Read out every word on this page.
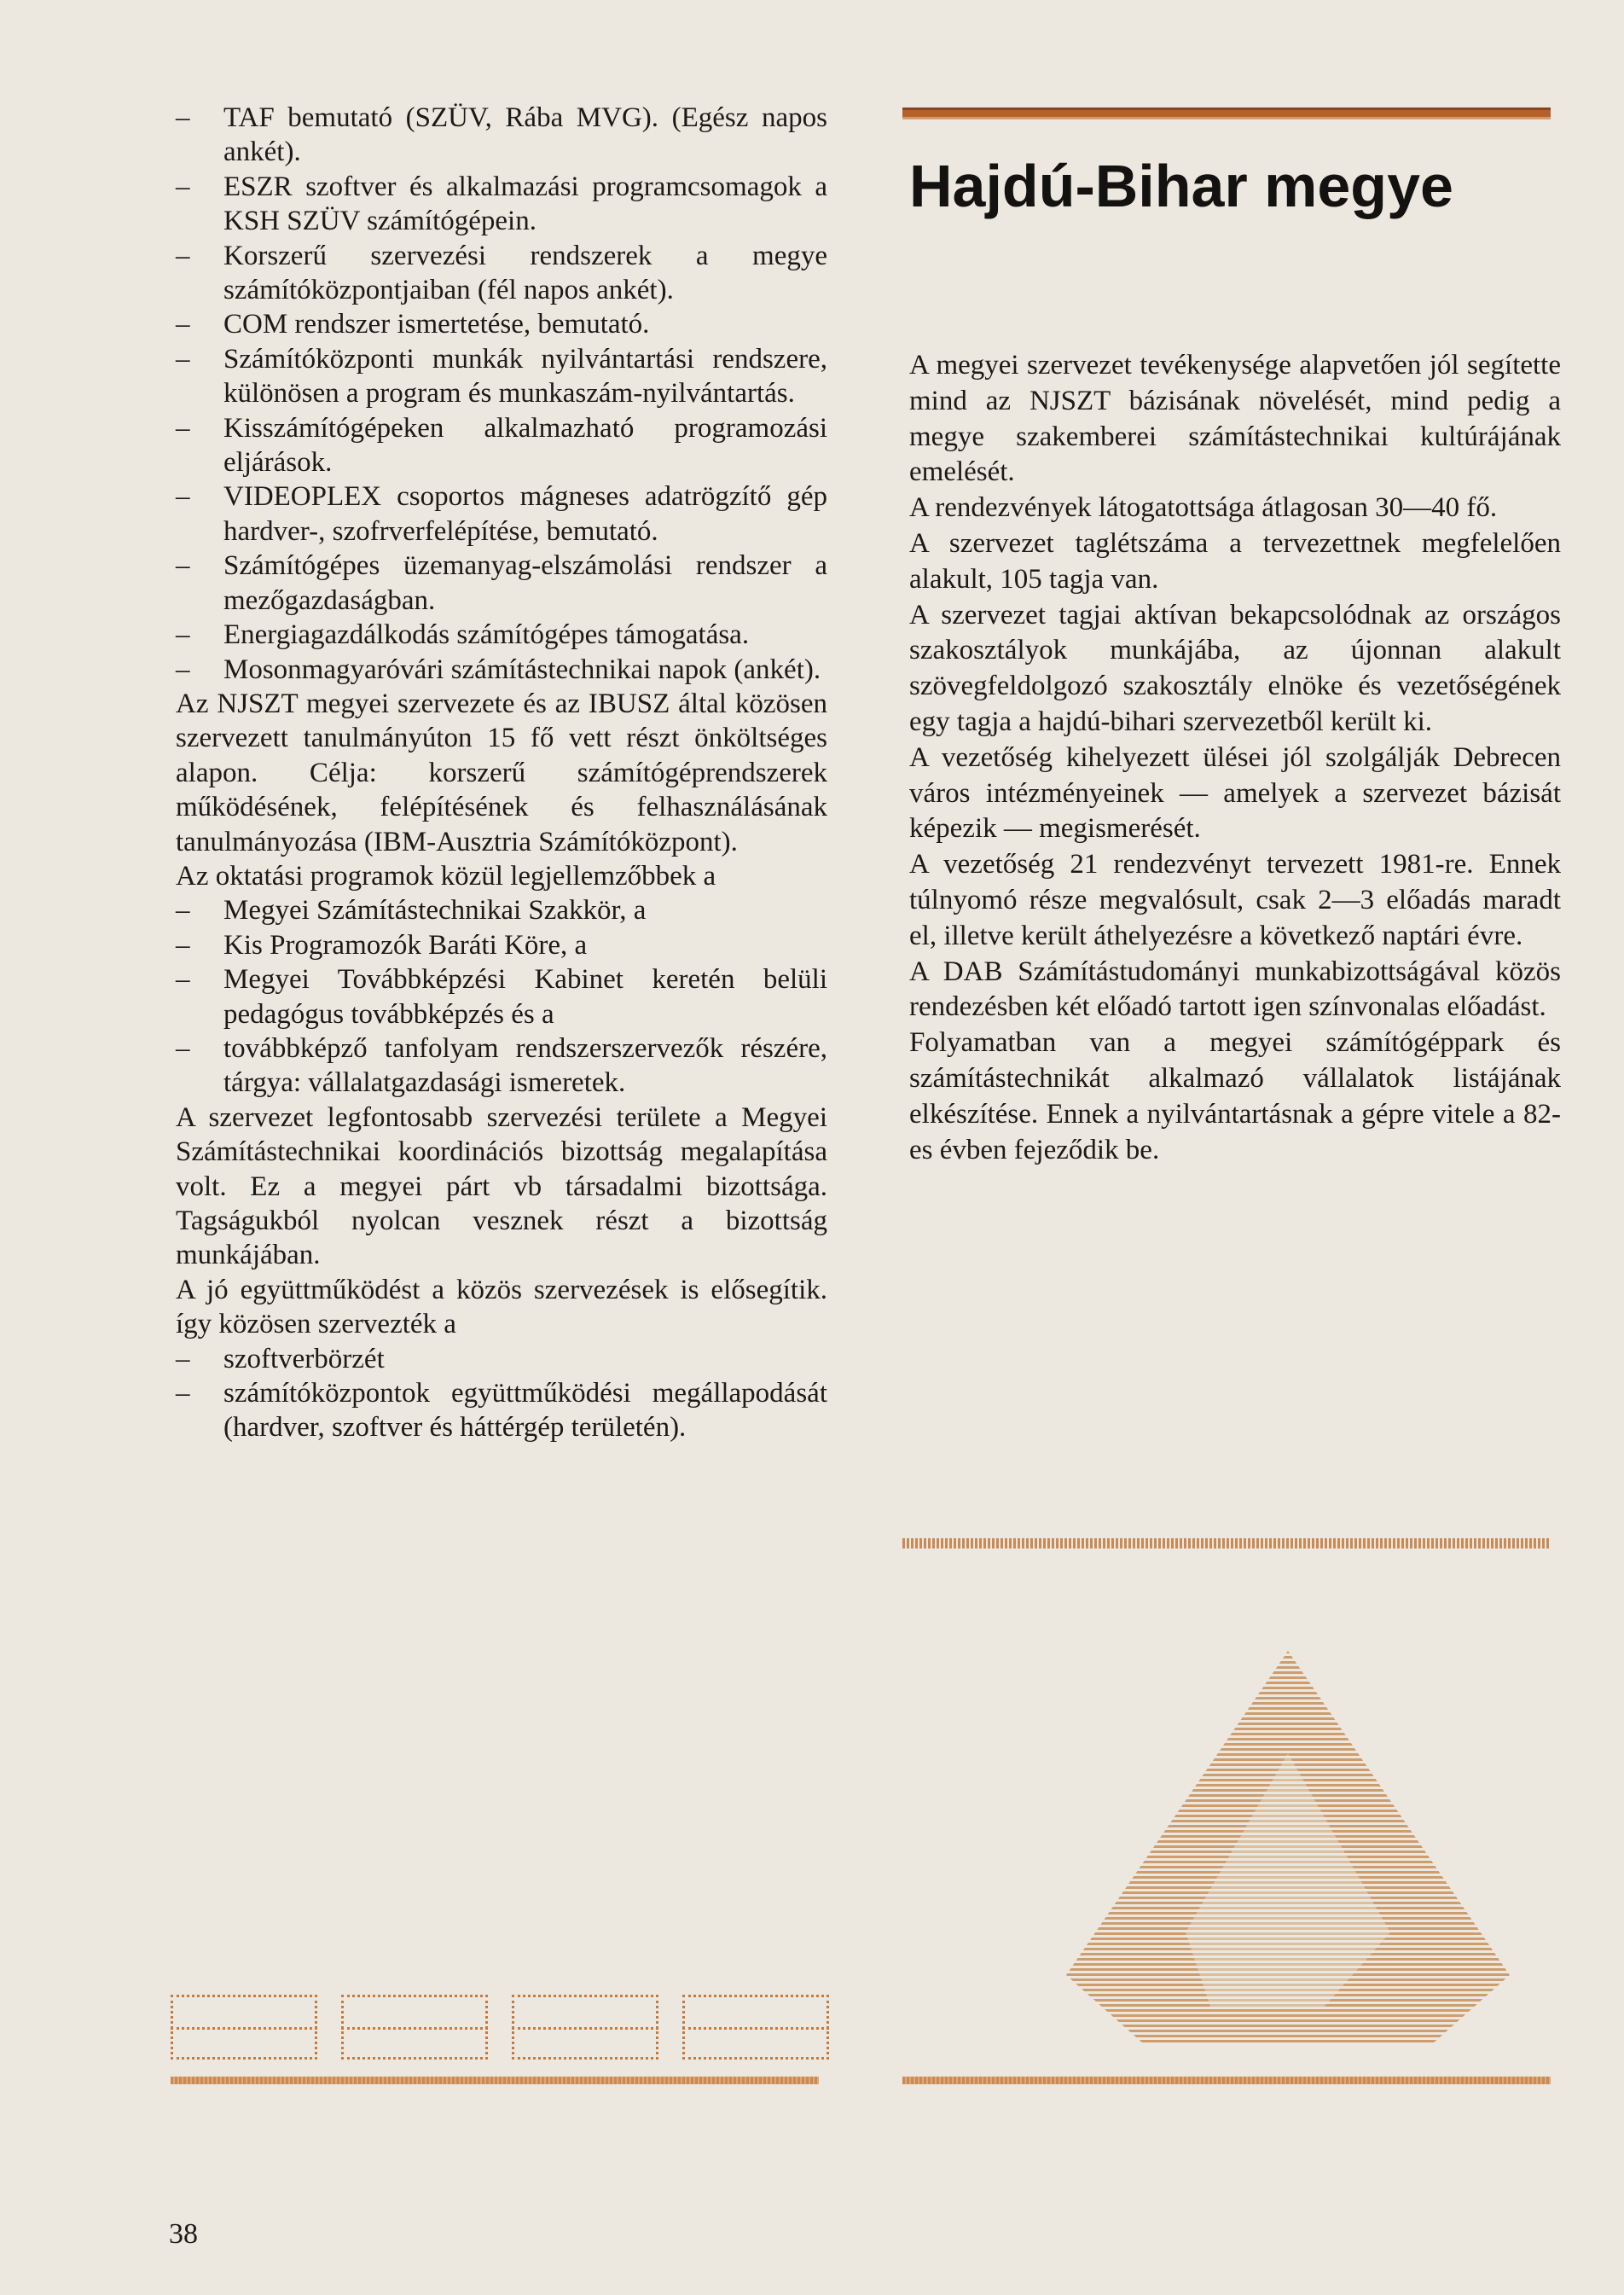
– TAF bemutató (SZÜV, Rába MVG). (Egész napos ankét).
– ESZR szoftver és alkalmazási programcsomagok a KSH SZÜV számítógépein.
– Korszerű szervezési rendszerek a megye számítóközpontjaiban (fél napos ankét).
– COM rendszer ismertetése, bemutató.
– Számítóközponti munkák nyilvántartási rendszere, különösen a program és munkaszám-nyilvántartás.
– Kisszámítógépeken alkalmazható programozási eljárások.
– VIDEOPLEX csoportos mágneses adatrögzítő gép hardver-, szofrverfelépítése, bemutató.
– Számítógépes üzemanyag-elszámolási rendszer a mezőgazdaságban.
– Energiagazdálkodás számítógépes támogatása.
– Mosonmagyaróvári számítástechnikai napok (ankét).
Az NJSZT megyei szervezete és az IBUSZ által közösen szervezett tanulmányúton 15 fő vett részt önköltséges alapon. Célja: korszerű számítógéprendszerek működésének, felépítésének és felhasználásának tanulmányozása (IBM-Ausztria Számítóközpont).
Az oktatási programok közül legjellemzőbbek a
– Megyei Számítástechnikai Szakkör, a
– Kis Programozók Baráti Köre, a
– Megyei Továbbképzési Kabinet keretén belüli pedagógus továbbképzés és a
– továbbképző tanfolyam rendszerszervezők részére, tárgya: vállalatgazdasági ismeretek.
A szervezet legfontosabb szervezési területe a Megyei Számítástechnikai koordinációs bizottság megalapítása volt. Ez a megyei párt vb társadalmi bizottsága. Tagságukból nyolcan vesznek részt a bizottság munkájában.
A jó együttműködést a közös szervezések is elősegítik. így közösen szervezték a
– szoftverbörzét
– számítóközpontok együttműködési megállapodását (hardver, szoftver és háttérgép területén).
Hajdú-Bihar megye
A megyei szervezet tevékenysége alapvetően jól segítette mind az NJSZT bázisának növelését, mind pedig a megye szakemberei számítástechnikai kultúrájának emelését.
A rendezvények látogatottsága átlagosan 30—40 fő.
A szervezet taglétszáma a tervezettnek megfelelően alakult, 105 tagja van.
A szervezet tagjai aktívan bekapcsolódnak az országos szakosztályok munkájába, az újonnan alakult szövegfeldolgozó szakosztály elnöke és vezetőségének egy tagja a hajdú-bihari szervezetből került ki.
A vezetőség kihelyezett ülései jól szolgálják Debrecen város intézményeinek — amelyek a szervezet bázisát képezik — megismerését.
A vezetőség 21 rendezvényt tervezett 1981-re. Ennek túlnyomó része megvalósult, csak 2—3 előadás maradt el, illetve került áthelyezésre a következő naptári évre.
A DAB Számítástudományi munkabizottságával közös rendezésben két előadó tartott igen színvonalas előadást.
Folyamatban van a megyei számítógéppark és számítástechnikát alkalmazó vállalatok listájának elkészítése. Ennek a nyilvántartásnak a gépre vitele a 82-es évben fejeződik be.
38
